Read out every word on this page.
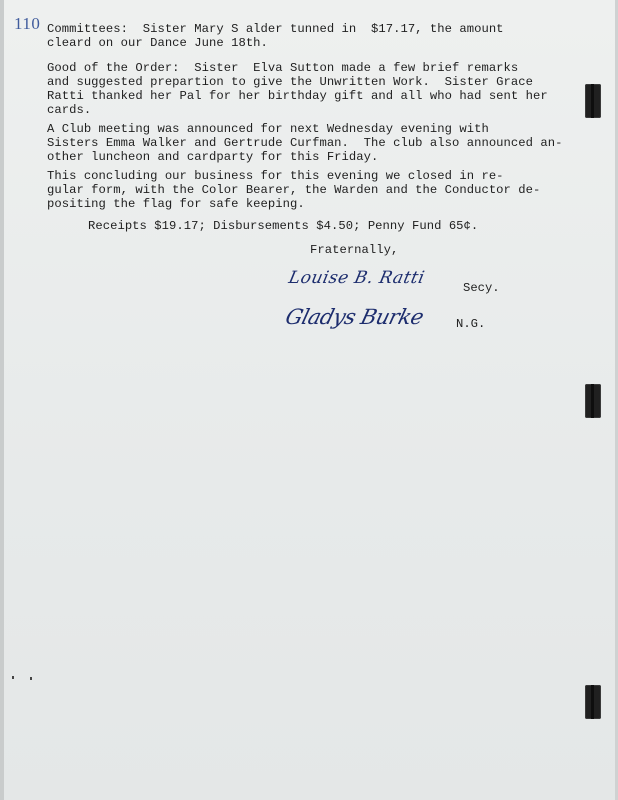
110 Committees:  Sister Mary S alder tunned in  $17.17, the amount
cleard on our Dance June 18th.
Good of the Order:  Sister  Elva Sutton made a few brief remarks
and suggested prepartion to give the Unwritten Work.  Sister Grace
Ratti thanked her Pal for her birthday gift and all who had sent her
cards.
A Club meeting was announced for next Wednesday evening with
Sisters Emma Walker and Gertrude Curfman.  The club also announced an-
other luncheon and cardparty for this Friday.
This concluding our business for this evening we closed in re-
gular form, with the Color Bearer, the Warden and the Conductor de-
positing the flag for safe keeping.
Receipts $19.17; Disbursements $4.50; Penny Fund 65¢.
Fraternally,
Louise B. Ratti	Secy.
Gladys Burke N.G.
